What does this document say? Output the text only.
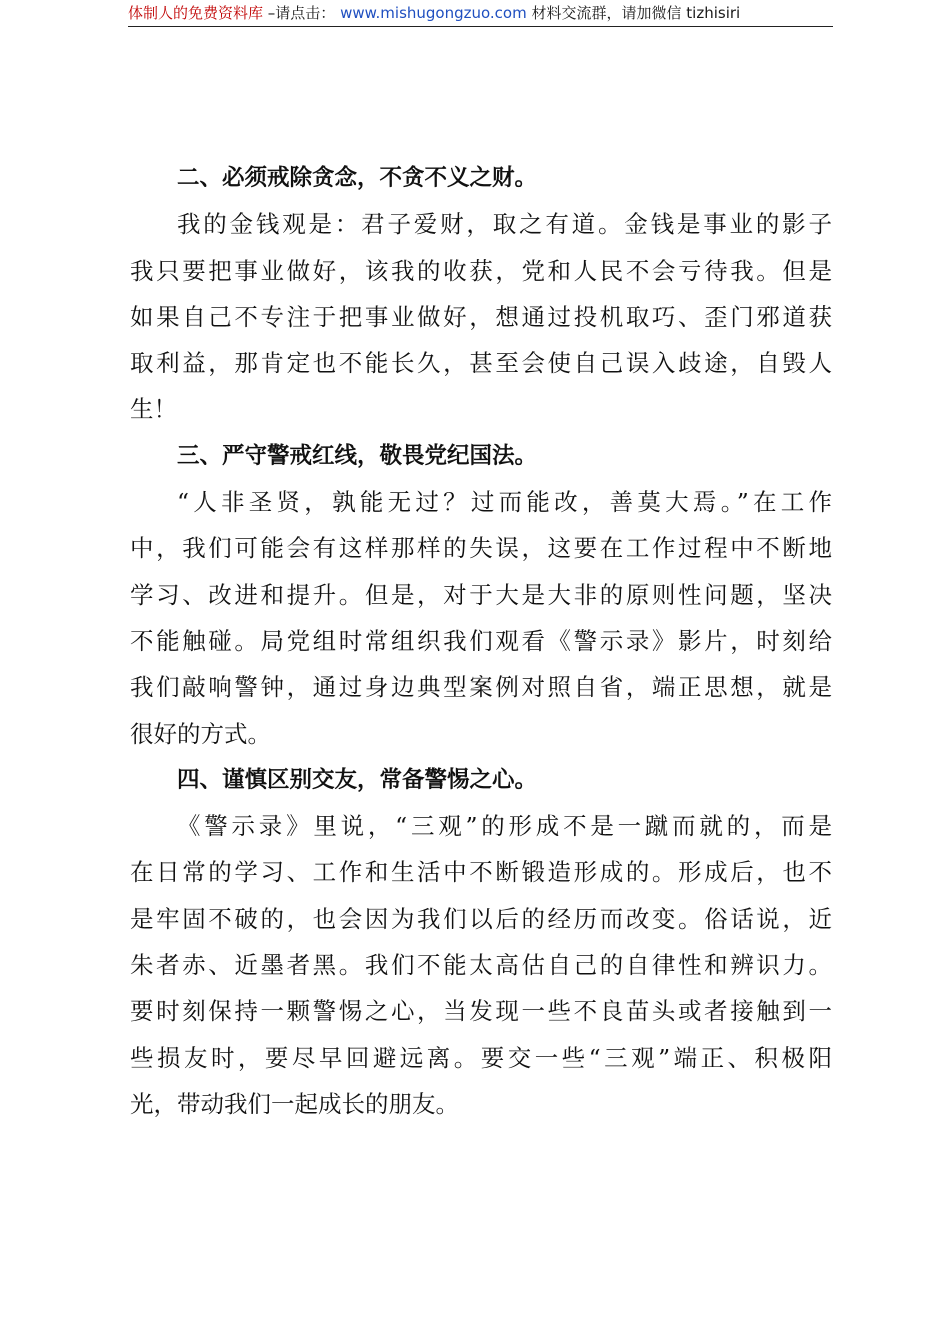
体制人的免费资料库 –请点击： www.mishugongzuo.com 材料交流群，请加微信 tizhisiri
二、必须戒除贪念，不贪不义之财。
我的金钱观是：君子爱财，取之有道。金钱是事业的影子
我只要把事业做好，该我的收获，党和人民不会亏待我。但是
如果自己不专注于把事业做好，想通过投机取巧、歪门邪道获
取利益，那肯定也不能长久，甚至会使自己误入歧途，自毁人
生！
三、严守警戒红线，敬畏党纪国法。
“人非圣贤，孰能无过？过而能改，善莫大焉。”在工作
中，我们可能会有这样那样的失误，这要在工作过程中不断地
学习、改进和提升。但是，对于大是大非的原则性问题，坚决
不能触碰。局党组时常组织我们观看《警示录》影片，时刻给
我们敲响警钟，通过身边典型案例对照自省，端正思想，就是
很好的方式。
四、谨慎区别交友，常备警惕之心。
《警示录》里说，“三观”的形成不是一蹴而就的，而是
在日常的学习、工作和生活中不断锻造形成的。形成后，也不
是牢固不破的，也会因为我们以后的经历而改变。俗话说，近
朱者赤、近墨者黑。我们不能太高估自己的自律性和辨识力。
要时刻保持一颗警惕之心，当发现一些不良苗头或者接触到一
些损友时，要尽早回避远离。要交一些“三观”端正、积极阳
光，带动我们一起成长的朋友。
